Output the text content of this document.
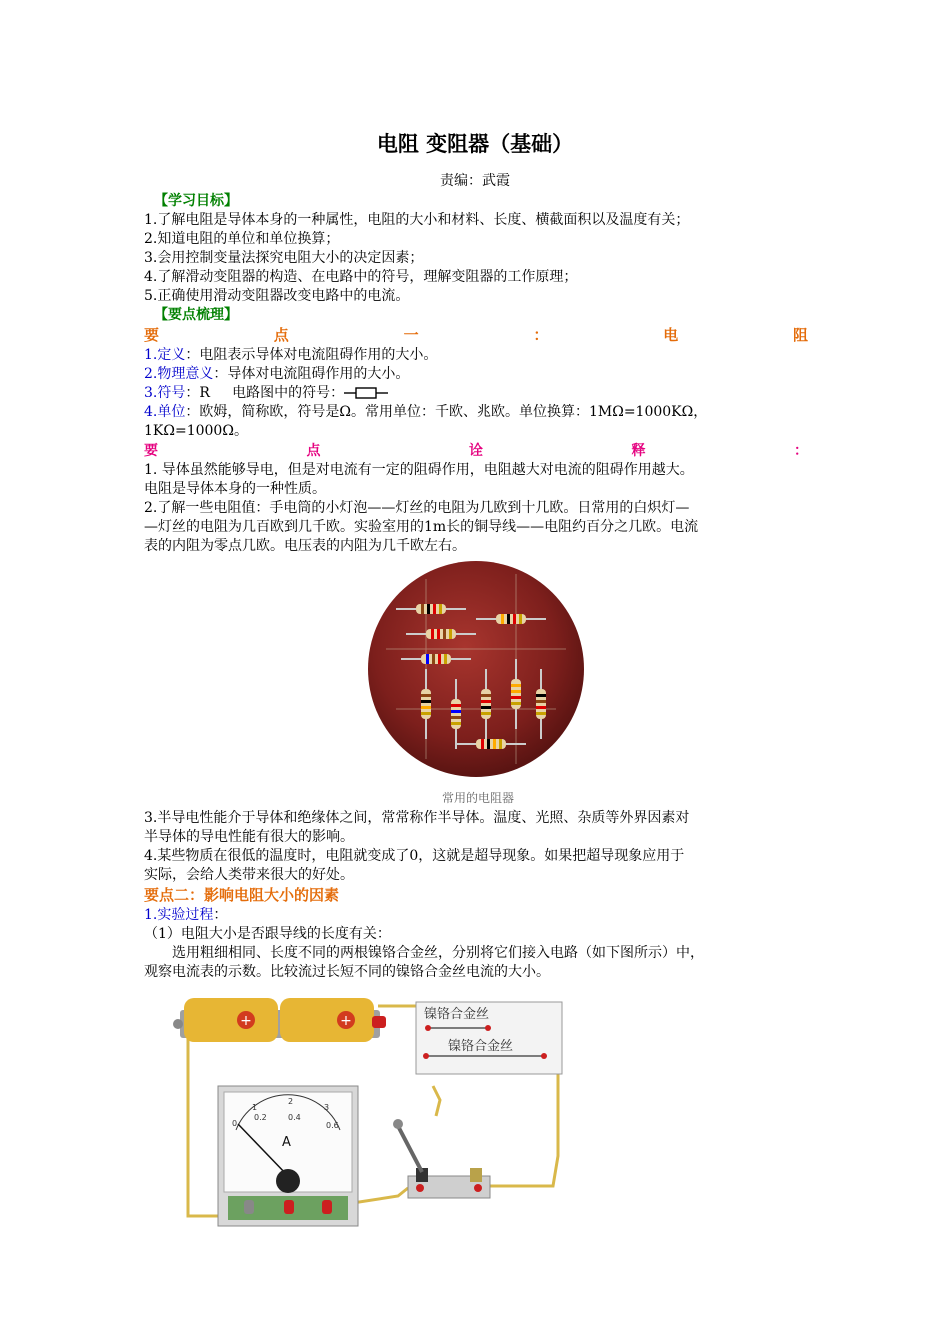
电阻 变阻器（基础）
责编：武霞

【学习目标】

1.了解电阻是导体本身的一种属性，电阻的大小和材料、长度、横截面积以及温度有关；

2.知道电阻的单位和单位换算；

3.会用控制变量法探究电阻大小的决定因素；

4.了解滑动变阻器的构造、在电路中的符号，理解变阻器的工作原理；

5.正确使用滑动变阻器改变电路中的电流。

【要点梳理】

要	点	一	：	电	阻

1.定义：电阻表示导体对电流阻碍作用的大小。

2.物理意义：导体对电流阻碍作用的大小。

3.符号：R     电路图中的符号：

4.单位：欧姆，简称欧，符号是Ω。常用单位：千欧、兆欧。单位换算：1MΩ=1000KΩ，

1KΩ=1000Ω。

要	点	诠	释	：

1. 导体虽然能够导电，但是对电流有一定的阻碍作用，电阻越大对电流的阻碍作用越大。

电阻是导体本身的一种性质。

2.了解一些电阻值：手电筒的小灯泡——灯丝的电阻为几欧到十几欧。日常用的白炽灯—

—灯丝的电阻为几百欧到几千欧。实验室用的1m长的铜导线——电阻约百分之几欧。电流

表的内阻为零点几欧。电压表的内阻为几千欧左右。

常用的电阻器

3.半导电性能介于导体和绝缘体之间，常常称作半导体。温度、光照、杂质等外界因素对

半导体的导电性能有很大的影响。

4.某些物质在很低的温度时，电阻就变成了0，这就是超导现象。如果把超导现象应用于

实际，会给人类带来很大的好处。

要点二：影响电阻大小的因素

1.实验过程：

（1）电阻大小是否跟导线的长度有关：

选用粗细相同、长度不同的两根镍铬合金丝，分别将它们接入电路（如下图所示）中，

观察电流表的示数。比较流过长短不同的镍铬合金丝电流的大小。

+	+	镍铬合金丝
镍铬合金丝
1
2
3
0
0.2	0.4
0.6
A
